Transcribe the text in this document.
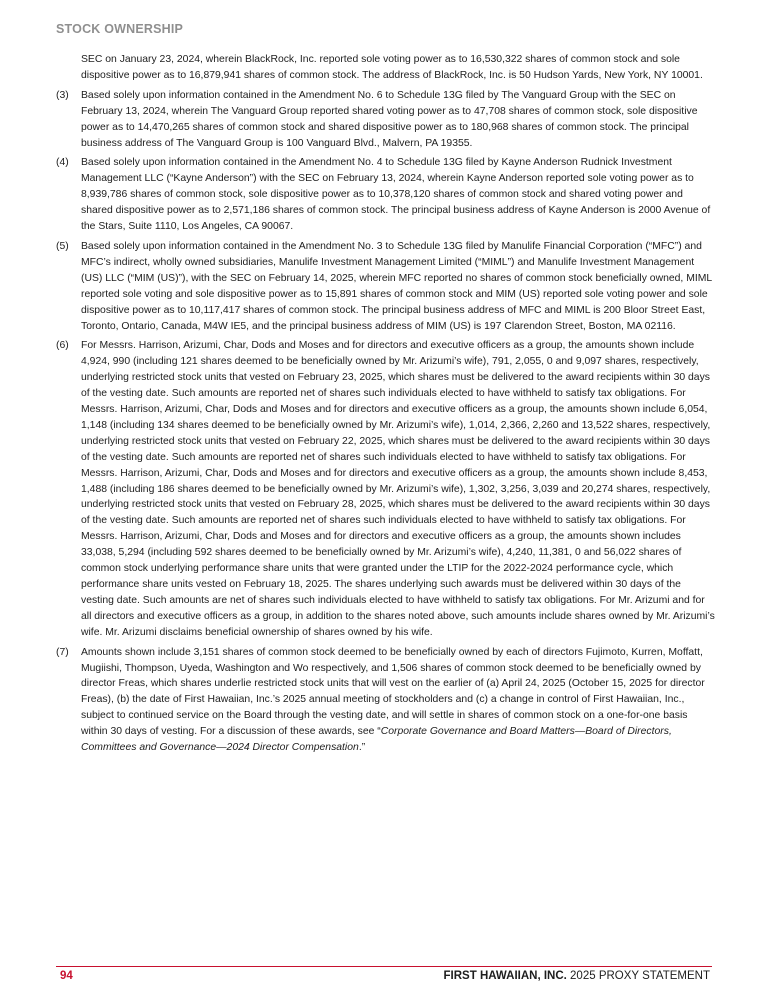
STOCK OWNERSHIP
SEC on January 23, 2024, wherein BlackRock, Inc. reported sole voting power as to 16,530,322 shares of common stock and sole dispositive power as to 16,879,941 shares of common stock. The address of BlackRock, Inc. is 50 Hudson Yards, New York, NY 10001.
(3)	Based solely upon information contained in the Amendment No. 6 to Schedule 13G filed by The Vanguard Group with the SEC on February 13, 2024, wherein The Vanguard Group reported shared voting power as to 47,708 shares of common stock, sole dispositive power as to 14,470,265 shares of common stock and shared dispositive power as to 180,968 shares of common stock. The principal business address of The Vanguard Group is 100 Vanguard Blvd., Malvern, PA 19355.
(4)	Based solely upon information contained in the Amendment No. 4 to Schedule 13G filed by Kayne Anderson Rudnick Investment Management LLC (“Kayne Anderson”) with the SEC on February 13, 2024, wherein Kayne Anderson reported sole voting power as to 8,939,786 shares of common stock, sole dispositive power as to 10,378,120 shares of common stock and shared voting power and shared dispositive power as to 2,571,186 shares of common stock. The principal business address of Kayne Anderson is 2000 Avenue of the Stars, Suite 1110, Los Angeles, CA 90067.
(5)	Based solely upon information contained in the Amendment No. 3 to Schedule 13G filed by Manulife Financial Corporation (“MFC”) and MFC’s indirect, wholly owned subsidiaries, Manulife Investment Management Limited (“MIML”) and Manulife Investment Management (US) LLC (“MIM (US)”), with the SEC on February 14, 2025, wherein MFC reported no shares of common stock beneficially owned, MIML reported sole voting and sole dispositive power as to 15,891 shares of common stock and MIM (US) reported sole voting power and sole dispositive power as to 10,117,417 shares of common stock. The principal business address of MFC and MIML is 200 Bloor Street East, Toronto, Ontario, Canada, M4W IE5, and the principal business address of MIM (US) is 197 Clarendon Street, Boston, MA 02116.
(6)	For Messrs. Harrison, Arizumi, Char, Dods and Moses and for directors and executive officers as a group, the amounts shown include 4,924, 990 (including 121 shares deemed to be beneficially owned by Mr. Arizumi’s wife), 791, 2,055, 0 and 9,097 shares, respectively, underlying restricted stock units that vested on February 23, 2025, which shares must be delivered to the award recipients within 30 days of the vesting date. Such amounts are reported net of shares such individuals elected to have withheld to satisfy tax obligations. For Messrs. Harrison, Arizumi, Char, Dods and Moses and for directors and executive officers as a group, the amounts shown include 6,054, 1,148 (including 134 shares deemed to be beneficially owned by Mr. Arizumi’s wife), 1,014, 2,366, 2,260 and 13,522 shares, respectively, underlying restricted stock units that vested on February 22, 2025, which shares must be delivered to the award recipients within 30 days of the vesting date. Such amounts are reported net of shares such individuals elected to have withheld to satisfy tax obligations. For Messrs. Harrison, Arizumi, Char, Dods and Moses and for directors and executive officers as a group, the amounts shown include 8,453, 1,488 (including 186 shares deemed to be beneficially owned by Mr. Arizumi’s wife), 1,302, 3,256, 3,039 and 20,274 shares, respectively, underlying restricted stock units that vested on February 28, 2025, which shares must be delivered to the award recipients within 30 days of the vesting date. Such amounts are reported net of shares such individuals elected to have withheld to satisfy tax obligations. For Messrs. Harrison, Arizumi, Char, Dods and Moses and for directors and executive officers as a group, the amounts shown includes 33,038, 5,294 (including 592 shares deemed to be beneficially owned by Mr. Arizumi’s wife), 4,240, 11,381, 0 and 56,022 shares of common stock underlying performance share units that were granted under the LTIP for the 2022-2024 performance cycle, which performance share units vested on February 18, 2025. The shares underlying such awards must be delivered within 30 days of the vesting date. Such amounts are net of shares such individuals elected to have withheld to satisfy tax obligations. For Mr. Arizumi and for all directors and executive officers as a group, in addition to the shares noted above, such amounts include shares owned by Mr. Arizumi’s wife. Mr. Arizumi disclaims beneficial ownership of shares owned by his wife.
(7)	Amounts shown include 3,151 shares of common stock deemed to be beneficially owned by each of directors Fujimoto, Kurren, Moffatt, Mugiishi, Thompson, Uyeda, Washington and Wo respectively, and 1,506 shares of common stock deemed to be beneficially owned by director Freas, which shares underlie restricted stock units that will vest on the earlier of (a) April 24, 2025 (October 15, 2025 for director Freas), (b) the date of First Hawaiian, Inc.’s 2025 annual meeting of stockholders and (c) a change in control of First Hawaiian, Inc., subject to continued service on the Board through the vesting date, and will settle in shares of common stock on a one-for-one basis within 30 days of vesting. For a discussion of these awards, see “Corporate Governance and Board Matters—Board of Directors, Committees and Governance—2024 Director Compensation.”
94	FIRST HAWAIIAN, INC. 2025 PROXY STATEMENT
